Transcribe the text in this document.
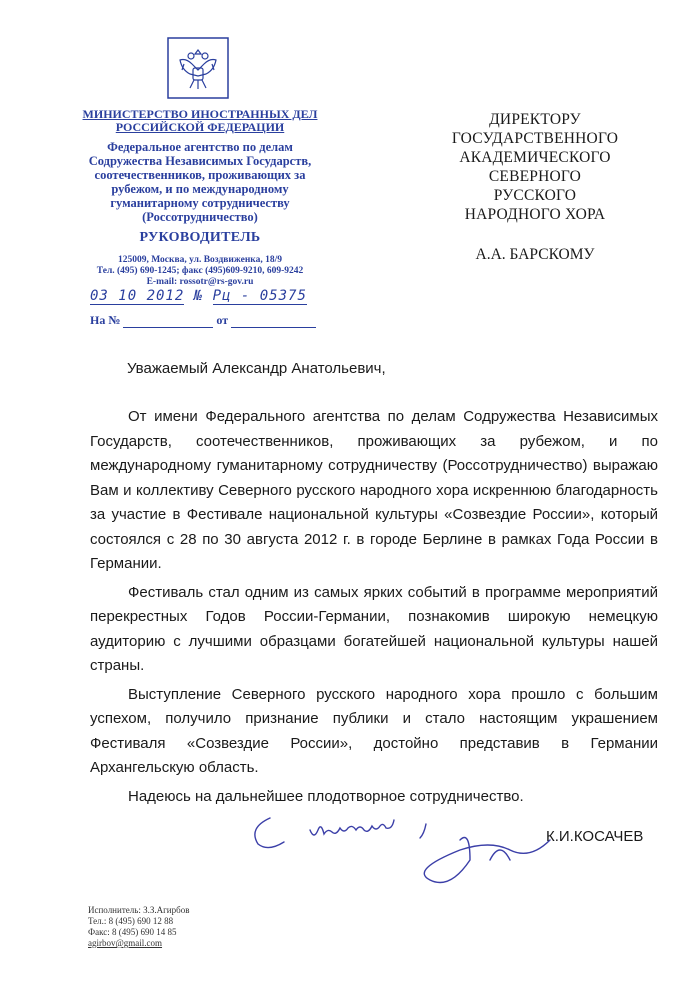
МИНИСТЕРСТВО ИНОСТРАННЫХ ДЕЛ
РОССИЙСКОЙ ФЕДЕРАЦИИ
Федеральное агентство по делам
Содружества Независимых Государств,
соотечественников, проживающих за
рубежом, и по международному
гуманитарному сотрудничеству
(Россотрудничество)
РУКОВОДИТЕЛЬ
125009, Москва, ул. Воздвиженка, 18/9
Тел. (495) 690-1245; факс (495)609-9210, 609-9242
E-mail: rossotr@rs-gov.ru
03 10 2012 № Рц - 05375
На №	от
ДИРЕКТОРУ
ГОСУДАРСТВЕННОГО
АКАДЕМИЧЕСКОГО
СЕВЕРНОГО
РУССКОГО
НАРОДНОГО ХОРА
А.А. БАРСКОМУ
Уважаемый Александр Анатольевич,

От имени Федерального агентства по делам Содружества Независимых Государств, соотечественников, проживающих за рубежом, и по международному гуманитарному сотрудничеству (Россотрудничество) выражаю Вам и коллективу Северного русского народного хора искреннюю благодарность за участие в Фестивале национальной культуры «Созвездие России», который состоялся с 28 по 30 августа 2012 г. в городе Берлине в рамках Года России в Германии.

Фестиваль стал одним из самых ярких событий в программе мероприятий перекрестных Годов России-Германии, познакомив широкую немецкую аудиторию с лучшими образцами богатейшей национальной культуры нашей страны.

Выступление Северного русского народного хора прошло с большим успехом, получило признание публики и стало настоящим украшением Фестиваля «Созвездие России», достойно представив в Германии Архангельскую область.

Надеюсь на дальнейшее плодотворное сотрудничество.

К.И.КОСАЧЕВ
Исполнитель: З.З.Агирбов
Тел.: 8 (495) 690 12 88
Факс: 8 (495) 690 14 85
agirbov@gmail.com
